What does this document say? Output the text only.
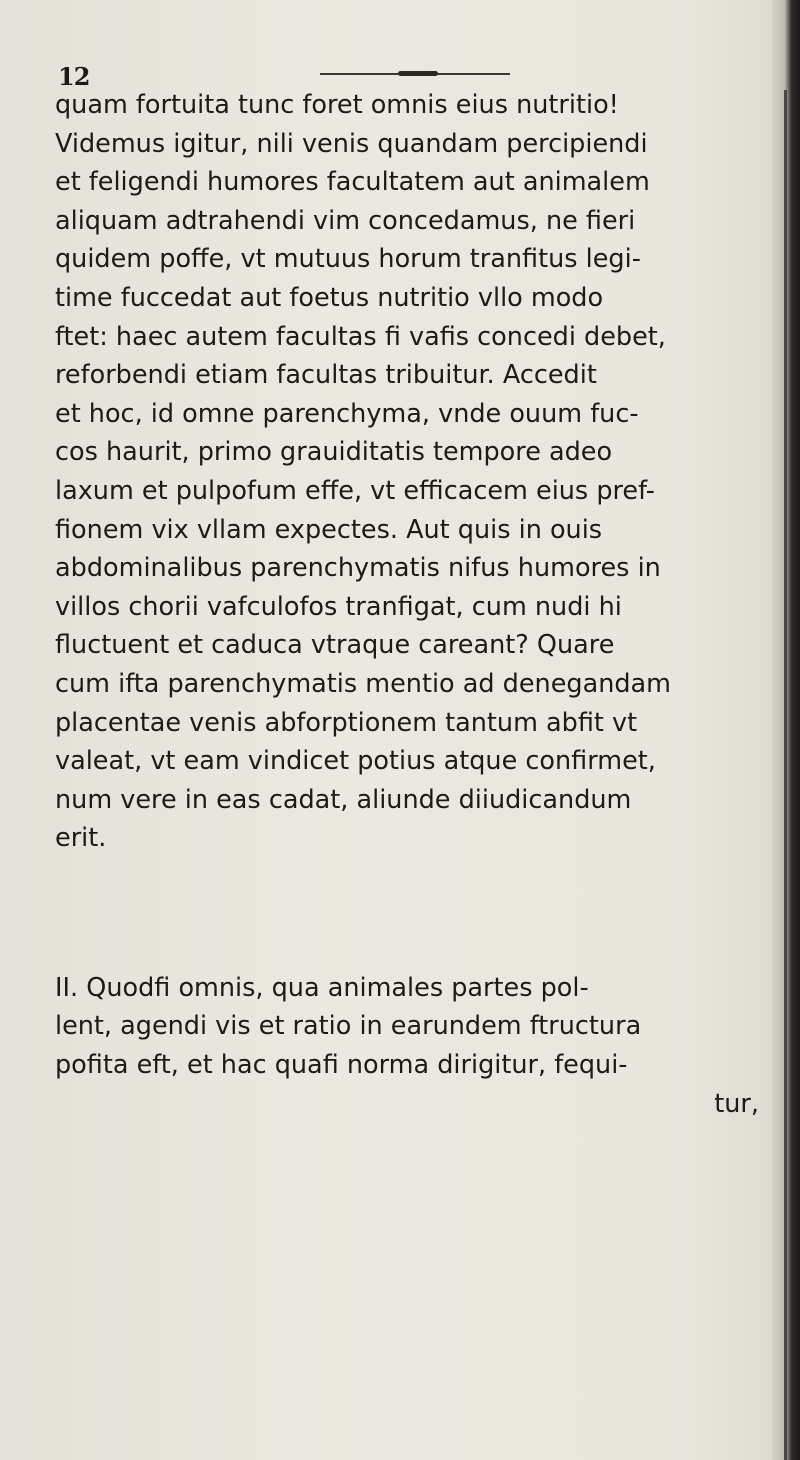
12
quam fortuita tunc foret omnis eius nutritio!
Videmus igitur, nili venis quandam percipiendi
et feligendi humores facultatem aut animalem
aliquam adtrahendi vim concedamus, ne fieri
quidem poffe, vt mutuus horum tranfitus legi-
time fuccedat aut foetus nutritio vllo modo
ftet: haec autem facultas fi vafis concedi debet,
reforbendi etiam facultas tribuitur. Accedit
et hoc, id omne parenchyma, vnde ouum fuc-
cos haurit, primo grauiditatis tempore adeo
laxum et pulpofum effe, vt efficacem eius pref-
fionem vix vllam expectes. Aut quis in ouis
abdominalibus parenchymatis nifus humores in
villos chorii vafculofos tranfigat, cum nudi hi
fluctuent et caduca vtraque careant? Quare
cum ifta parenchymatis mentio ad denegandam
placentae venis abforptionem tantum abfit vt
valeat, vt eam vindicet potius atque confirmet,
num vere in eas cadat, aliunde diiudicandum
erit.
II. Quodfi omnis, qua animales partes pol-
lent, agendi vis et ratio in earundem ftructura
pofita eft, et hac quafi norma dirigitur, fequi-
tur,
